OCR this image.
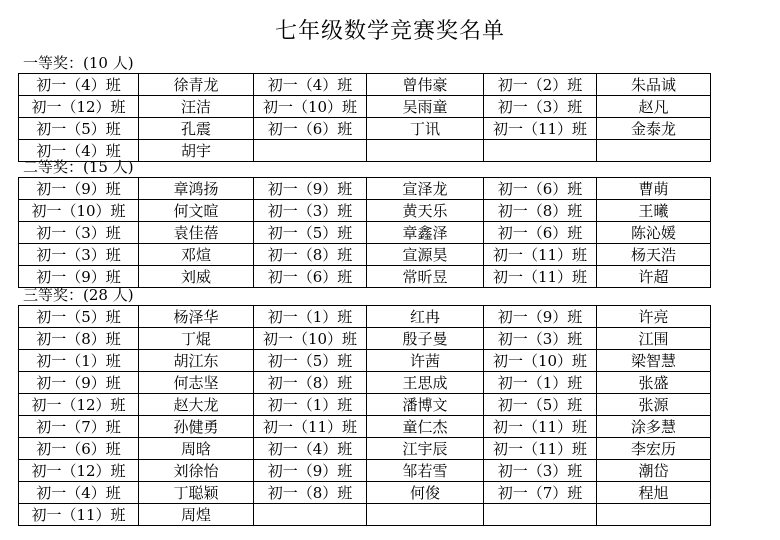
七年级数学竞赛奖名单
一等奖：(10 人)
初一（4）班	徐青龙	初一（4）班	曾伟豪	初一（2）班	朱品诚
初一（12）班	汪洁	初一（10）班	吴雨童	初一（3）班	赵凡
初一（5）班	孔震	初一（6）班	丁讯	初一（11）班	金泰龙
初一（4）班	胡宇				
二等奖：(15 人)
初一（9）班	章鸿扬	初一（9）班	宣泽龙	初一（6）班	曹萌
初一（10）班	何文暄	初一（3）班	黄天乐	初一（8）班	王曦
初一（3）班	袁佳蓓	初一（5）班	章鑫泽	初一（6）班	陈沁媛
初一（3）班	邓煊	初一（8）班	宣源昊	初一（11）班	杨天浩
初一（9）班	刘威	初一（6）班	常昕昱	初一（11）班	许超
三等奖：(28 人)
初一（5）班	杨泽华	初一（1）班	红冉	初一（9）班	许亮
初一（8）班	丁焜	初一（10）班	殷子曼	初一（3）班	江围
初一（1）班	胡江东	初一（5）班	许茜	初一（10）班	梁智慧
初一（9）班	何志坚	初一（8）班	王思成	初一（1）班	张盛
初一（12）班	赵大龙	初一（1）班	潘博文	初一（5）班	张源
初一（7）班	孙健勇	初一（11）班	童仁杰	初一（11）班	涂多慧
初一（6）班	周晗	初一（4）班	江宇辰	初一（11）班	李宏历
初一（12）班	刘徐怡	初一（9）班	邹若雪	初一（3）班	潮岱
初一（4）班	丁聪颖	初一（8）班	何俊	初一（7）班	程旭
初一（11）班	周煌				
